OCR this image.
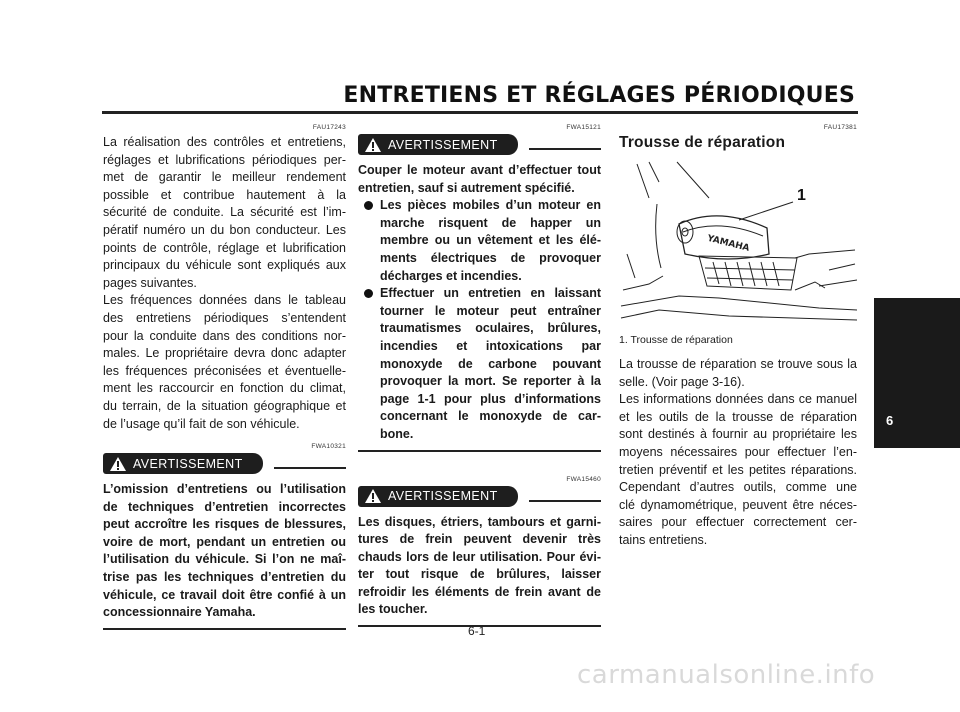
ENTRETIENS ET RÉGLAGES PÉRIODIQUES
6
FAU17243
La réalisation des contrôles et entretiens,
réglages et lubrifications périodiques per-
met de garantir le meilleur rendement
possible et contribue hautement à la
sécurité de conduite. La sécurité est l’im-
pératif numéro un du bon conducteur. Les
points de contrôle, réglage et lubrification
principaux du véhicule sont expliqués aux
pages suivantes.
Les fréquences données dans le tableau
des entretiens périodiques s’entendent
pour la conduite dans des conditions nor-
males. Le propriétaire devra donc adapter
les fréquences préconisées et éventuelle-
ment les raccourcir en fonction du climat,
du terrain, de la situation géographique et
de l’usage qu’il fait de son véhicule.
FWA10321
AVERTISSEMENT
L’omission d’entretiens ou l’utilisation
de techniques d’entretien incorrectes
peut accroître les risques de blessures,
voire de mort, pendant un entretien ou
l’utilisation du véhicule. Si l’on ne maî-
trise pas les techniques d’entretien du
véhicule, ce travail doit être confié à un
concessionnaire Yamaha.
FWA15121
AVERTISSEMENT
Couper le moteur avant d’effectuer tout
entretien, sauf si autrement spécifié.
Les pièces mobiles d’un moteur en
marche risquent de happer un
membre ou un vêtement et les élé-
ments électriques de provoquer
décharges et incendies.
Effectuer un entretien en laissant
tourner le moteur peut entraîner
traumatismes oculaires, brûlures,
incendies et intoxications par
monoxyde de carbone pouvant
provoquer la mort. Se reporter à la
page 1-1 pour plus d’informations
concernant le monoxyde de car-
bone.
FWA15460
AVERTISSEMENT
Les disques, étriers, tambours et garni-
tures de frein peuvent devenir très
chauds lors de leur utilisation. Pour évi-
ter tout risque de brûlures, laisser
refroidir les éléments de frein avant de
les toucher.
FAU17381
Trousse de réparation
YAMAHA
1
1. Trousse de réparation
La trousse de réparation se trouve sous la
selle. (Voir page 3-16).
Les informations données dans ce manuel
et les outils de la trousse de réparation
sont destinés à fournir au propriétaire les
moyens nécessaires pour effectuer l’en-
tretien préventif et les petites réparations.
Cependant d’autres outils, comme une
clé dynamométrique, peuvent être néces-
saires pour effectuer correctement cer-
tains entretiens.
6-1
carmanualsonline.info
